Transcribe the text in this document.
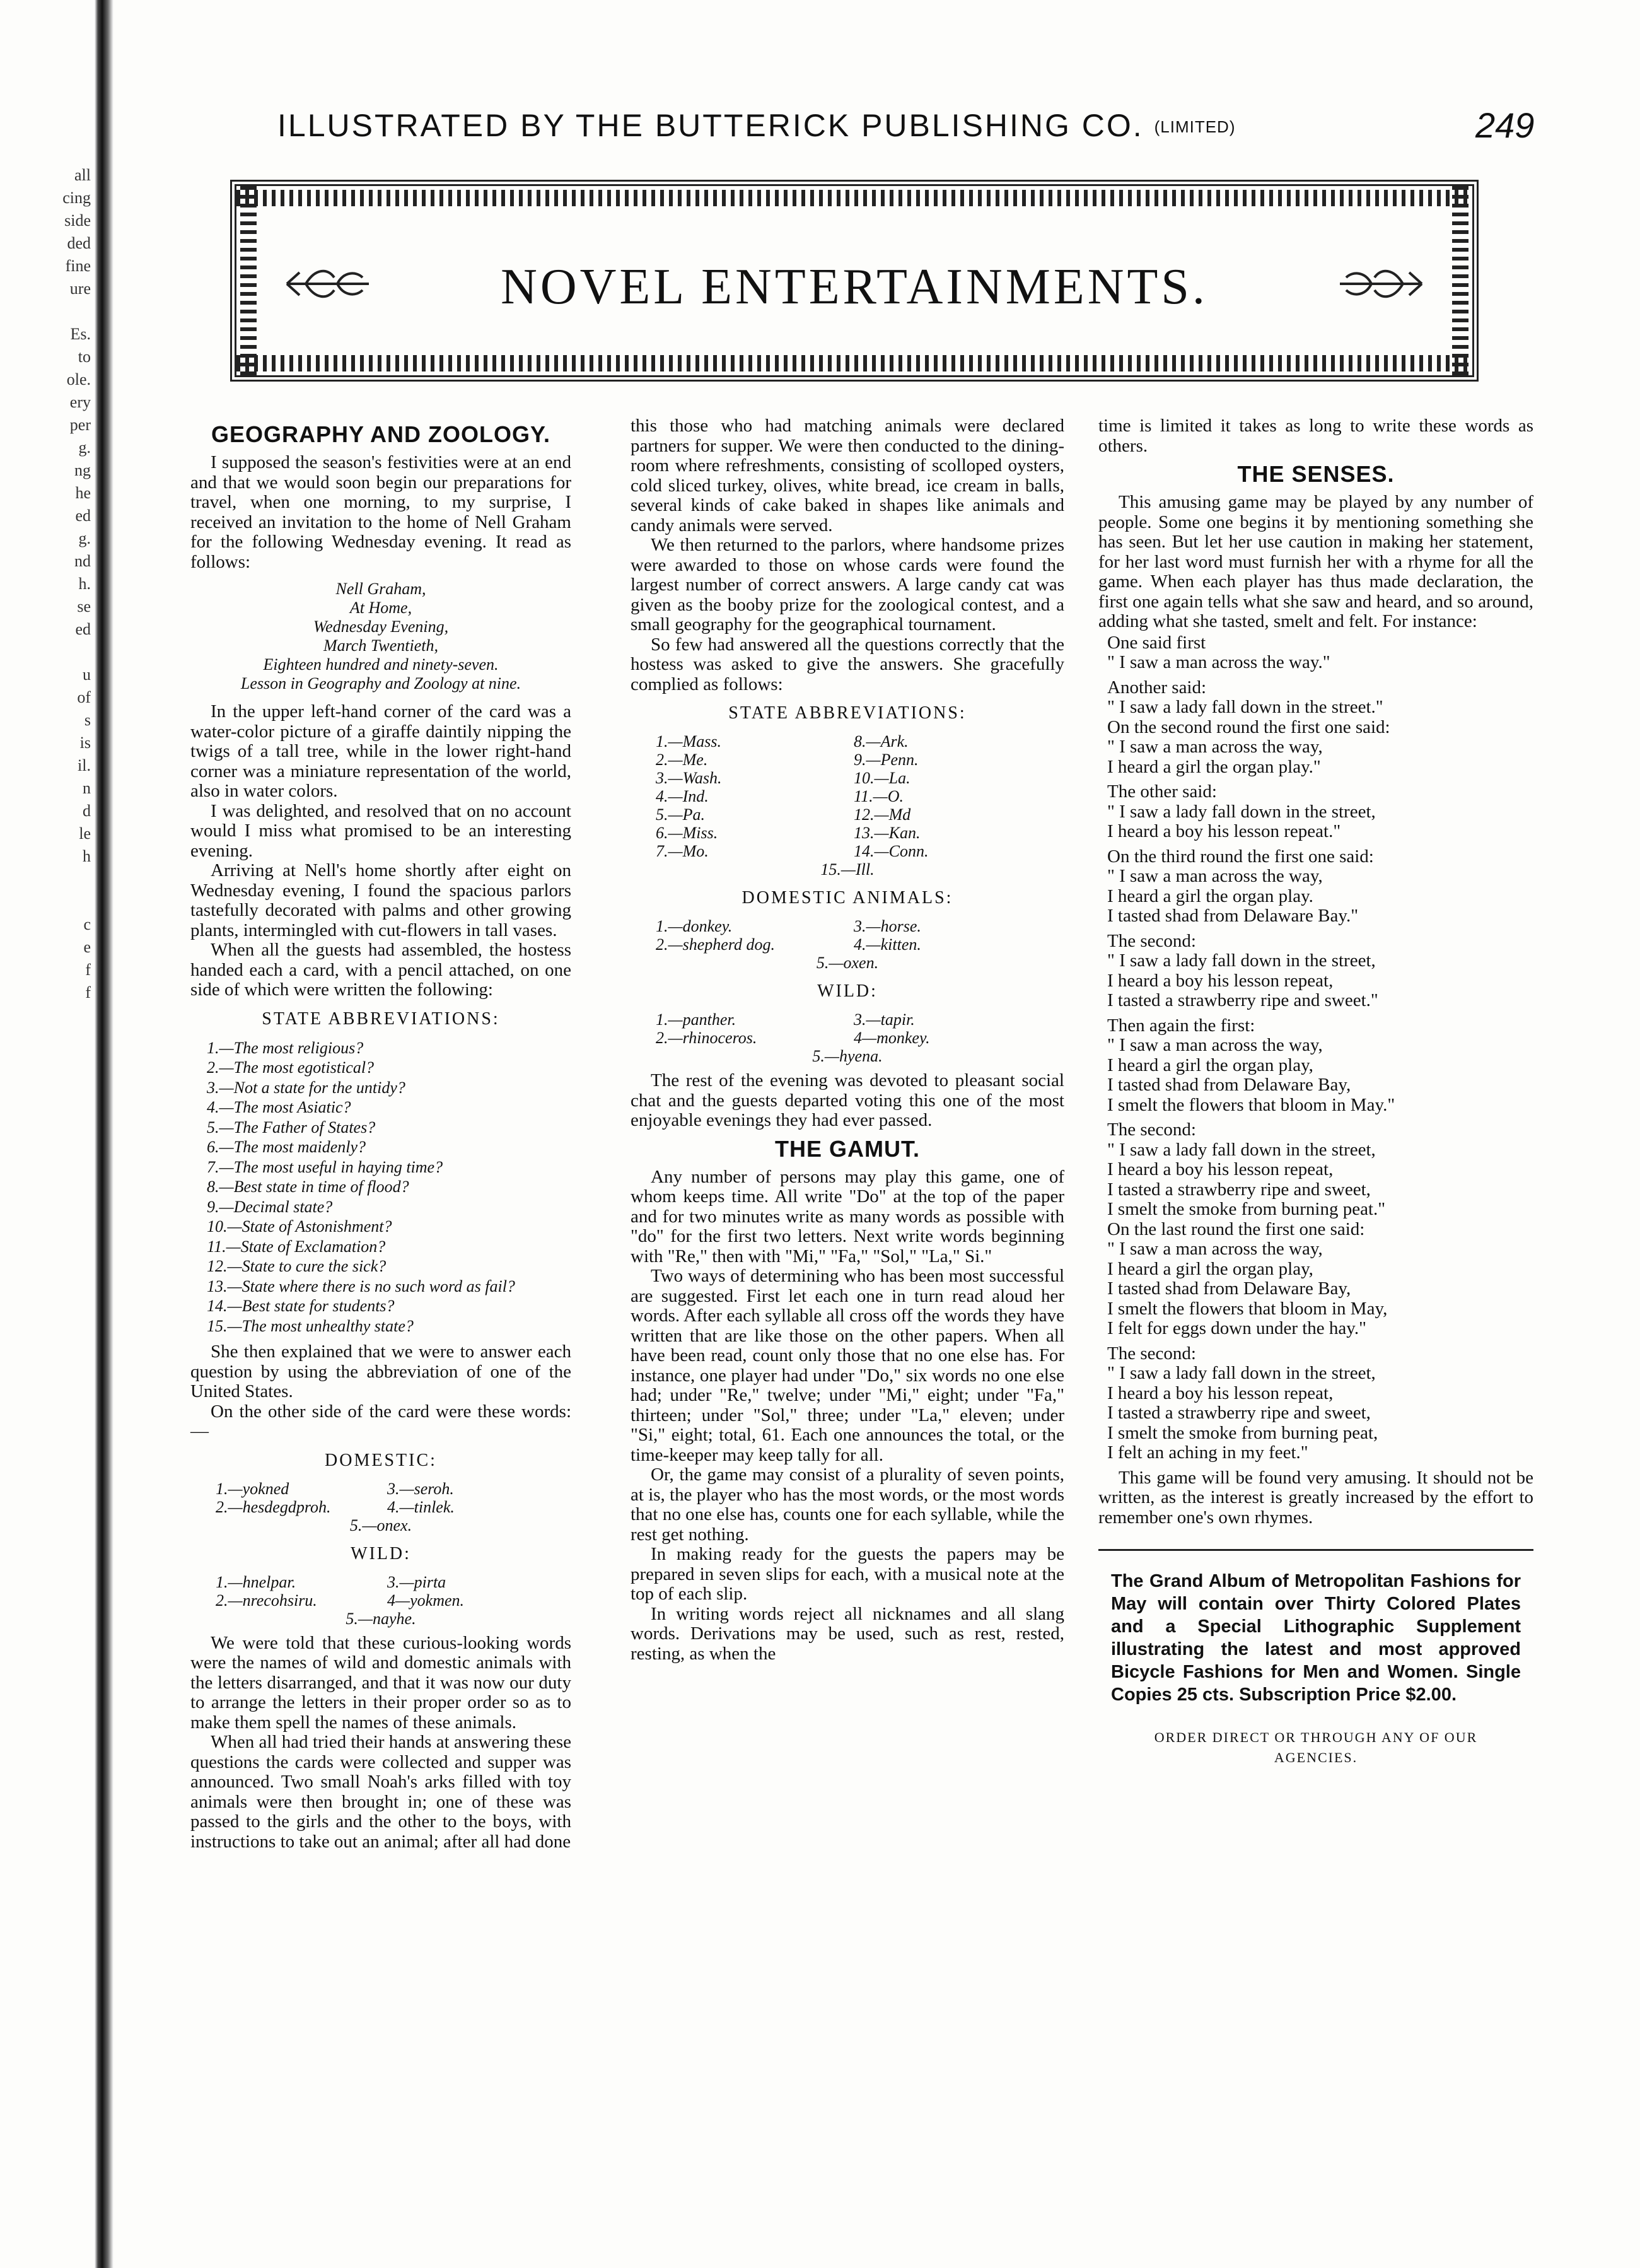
all
cing
side
ded
fine
ure
Es.
to
ole.
ery
per
g.
ng
he
ed
g.
nd
h.
se
ed
u
of
s
is
il.
n
d
le
h
c
e
f
f
ILLUSTRATED BY THE BUTTERICK PUBLISHING CO. (LIMITED)	249
NOVEL ENTERTAINMENTS.
GEOGRAPHY AND ZOOLOGY.

I supposed the season's festivities were at an end and that we would soon begin our preparations for travel, when one morning, to my surprise, I received an invitation to the home of Nell Graham for the following Wednesday evening. It read as follows:

Nell Graham,
At Home,
Wednesday Evening,
March Twentieth,
Eighteen hundred and ninety-seven.
Lesson in Geography and Zoology at nine.

In the upper left-hand corner of the card was a water-color picture of a giraffe daintily nipping the twigs of a tall tree, while in the lower right-hand corner was a miniature representation of the world, also in water colors.

I was delighted, and resolved that on no account would I miss what promised to be an interesting evening.

Arriving at Nell's home shortly after eight on Wednesday evening, I found the spacious parlors tastefully decorated with palms and other growing plants, intermingled with cut-flowers in tall vases.

When all the guests had assembled, the hostess handed each a card, with a pencil attached, on one side of which were written the following:

STATE ABBREVIATIONS:
1.—The most religious?
2.—The most egotistical?
3.—Not a state for the untidy?
4.—The most Asiatic?
5.—The Father of States?
6.—The most maidenly?
7.—The most useful in haying time?
8.—Best state in time of flood?
9.—Decimal state?
10.—State of Astonishment?
11.—State of Exclamation?
12.—State to cure the sick?
13.—State where there is no such word as fail?
14.—Best state for students?
15.—The most unhealthy state?

She then explained that we were to answer each question by using the abbreviation of one of the United States.

On the other side of the card were these words:—

DOMESTIC:
1.—yokned	3.—seroh.
2.—hesdegdproh.	4.—tinlek.
5.—onex.
WILD:
1.—hnelpar.	3.—pirta
2.—nrecohsiru.	4—yokmen.
5.—nayhe.

We were told that these curious-looking words were the names of wild and domestic animals with the letters disarranged, and that it was now our duty to arrange the letters in their proper order so as to make them spell the names of these animals.

When all had tried their hands at answering these questions the cards were collected and supper was announced. Two small Noah's arks filled with toy animals were then brought in; one of these was passed to the girls and the other to the boys, with instructions to take out an animal; after all had done

this those who had matching animals were declared partners for supper. We were then conducted to the dining-room where refreshments, consisting of scolloped oysters, cold sliced turkey, olives, white bread, ice cream in balls, several kinds of cake baked in shapes like animals and candy animals were served.

We then returned to the parlors, where handsome prizes were awarded to those on whose cards were found the largest number of correct answers. A large candy cat was given as the booby prize for the zoological contest, and a small geography for the geographical tournament.

So few had answered all the questions correctly that the hostess was asked to give the answers. She gracefully complied as follows:

STATE ABBREVIATIONS:
1.—Mass.	8.—Ark.
2.—Me.	9.—Penn.
3.—Wash.	10.—La.
4.—Ind.	11.—O.
5.—Pa.	12.—Md
6.—Miss.	13.—Kan.
7.—Mo.	14.—Conn.
15.—Ill.
DOMESTIC ANIMALS:
1.—donkey.	3.—horse.
2.—shepherd dog.	4.—kitten.
5.—oxen.
WILD:
1.—panther.	3.—tapir.
2.—rhinoceros.	4—monkey.
5.—hyena.

The rest of the evening was devoted to pleasant social chat and the guests departed voting this one of the most enjoyable evenings they had ever passed.

THE GAMUT.

Any number of persons may play this game, one of whom keeps time. All write "Do" at the top of the paper and for two minutes write as many words as possible with "do" for the first two letters. Next write words beginning with "Re," then with "Mi," "Fa," "Sol," "La," Si."

Two ways of determining who has been most successful are suggested. First let each one in turn read aloud her words. After each syllable all cross off the words they have written that are like those on the other papers. When all have been read, count only those that no one else has. For instance, one player had under "Do," six words no one else had; under "Re," twelve; under "Mi," eight; under "Fa," thirteen; under "Sol," three; under "La," eleven; under "Si," eight; total, 61. Each one announces the total, or the time-keeper may keep tally for all.

Or, the game may consist of a plurality of seven points, at is, the player who has the most words, or the most words that no one else has, counts one for each syllable, while the rest get nothing.

In making ready for the guests the papers may be prepared in seven slips for each, with a musical note at the top of each slip.

In writing words reject all nicknames and all slang words. Derivations may be used, such as rest, rested, resting, as when the

time is limited it takes as long to write these words as others.

THE SENSES.

This amusing game may be played by any number of people. Some one begins it by mentioning something she has seen. But let her use caution in making her statement, for her last word must furnish her with a rhyme for all the game. When each player has thus made declaration, the first one again tells what she saw and heard, and so around, adding what she tasted, smelt and felt. For instance:

One said first
" I saw a man across the way."
Another said:
" I saw a lady fall down in the street."
On the second round the first one said:
" I saw a man across the way,
I heard a girl the organ play."
The other said:
" I saw a lady fall down in the street,
I heard a boy his lesson repeat."
On the third round the first one said:
" I saw a man across the way,
I heard a girl the organ play.
I tasted shad from Delaware Bay."
The second:
" I saw a lady fall down in the street,
I heard a boy his lesson repeat,
I tasted a strawberry ripe and sweet."
Then again the first:
" I saw a man across the way,
I heard a girl the organ play,
I tasted shad from Delaware Bay,
I smelt the flowers that bloom in May."
The second:
" I saw a lady fall down in the street,
I heard a boy his lesson repeat,
I tasted a strawberry ripe and sweet,
I smelt the smoke from burning peat."
On the last round the first one said:
" I saw a man across the way,
I heard a girl the organ play,
I tasted shad from Delaware Bay,
I smelt the flowers that bloom in May,
I felt for eggs down under the hay."
The second:
" I saw a lady fall down in the street,
I heard a boy his lesson repeat,
I tasted a strawberry ripe and sweet,
I smelt the smoke from burning peat,
I felt an aching in my feet."

This game will be found very amusing. It should not be written, as the interest is greatly increased by the effort to remember one's own rhymes.

The Grand Album of Metropolitan Fashions for May will contain over Thirty Colored Plates and a Special Lithographic Supplement illustrating the latest and most approved Bicycle Fashions for Men and Women. Single Copies 25 cts. Subscription Price $2.00.
ORDER DIRECT OR THROUGH ANY OF OUR AGENCIES.
